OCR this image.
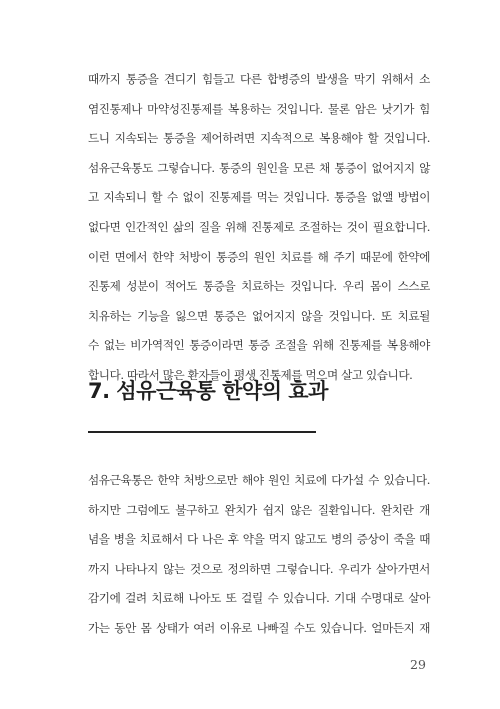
때까지 통증을 견디기 힘들고 다른 합병증의 발생을 막기 위해서 소
염진통제나 마약성진통제를 복용하는 것입니다. 물론 암은 낫기가 힘
드니 지속되는 통증을 제어하려면 지속적으로 복용해야 할 것입니다.
섬유근육통도 그렇습니다. 통증의 원인을 모른 채 통증이 없어지지 않
고 지속되니 할 수 없이 진통제를 먹는 것입니다. 통증을 없앨 방법이
없다면 인간적인 삶의 질을 위해 진통제로 조절하는 것이 필요합니다.
이런 면에서 한약 처방이 통증의 원인 치료를 해 주기 때문에 한약에
진통제 성분이 적어도 통증을 치료하는 것입니다. 우리 몸이 스스로
치유하는 기능을 잃으면 통증은 없어지지 않을 것입니다. 또 치료될
수 없는 비가역적인 통증이라면 통증 조절을 위해 진통제를 복용해야
합니다. 따라서 많은 환자들이 평생 진통제를 먹으며 살고 있습니다.
7. 섬유근육통 한약의 효과
섬유근육통은 한약 처방으로만 해야 원인 치료에 다가설 수 있습니다.
하지만 그럼에도 불구하고 완치가 쉽지 않은 질환입니다. 완치란 개
념을 병을 치료해서 다 나은 후 약을 먹지 않고도 병의 증상이 죽을 때
까지 나타나지 않는 것으로 정의하면 그렇습니다. 우리가 살아가면서
감기에 걸려 치료해 나아도 또 걸릴 수 있습니다. 기대 수명대로 살아
가는 동안 몸 상태가 여러 이유로 나빠질 수도 있습니다. 얼마든지 재
29
